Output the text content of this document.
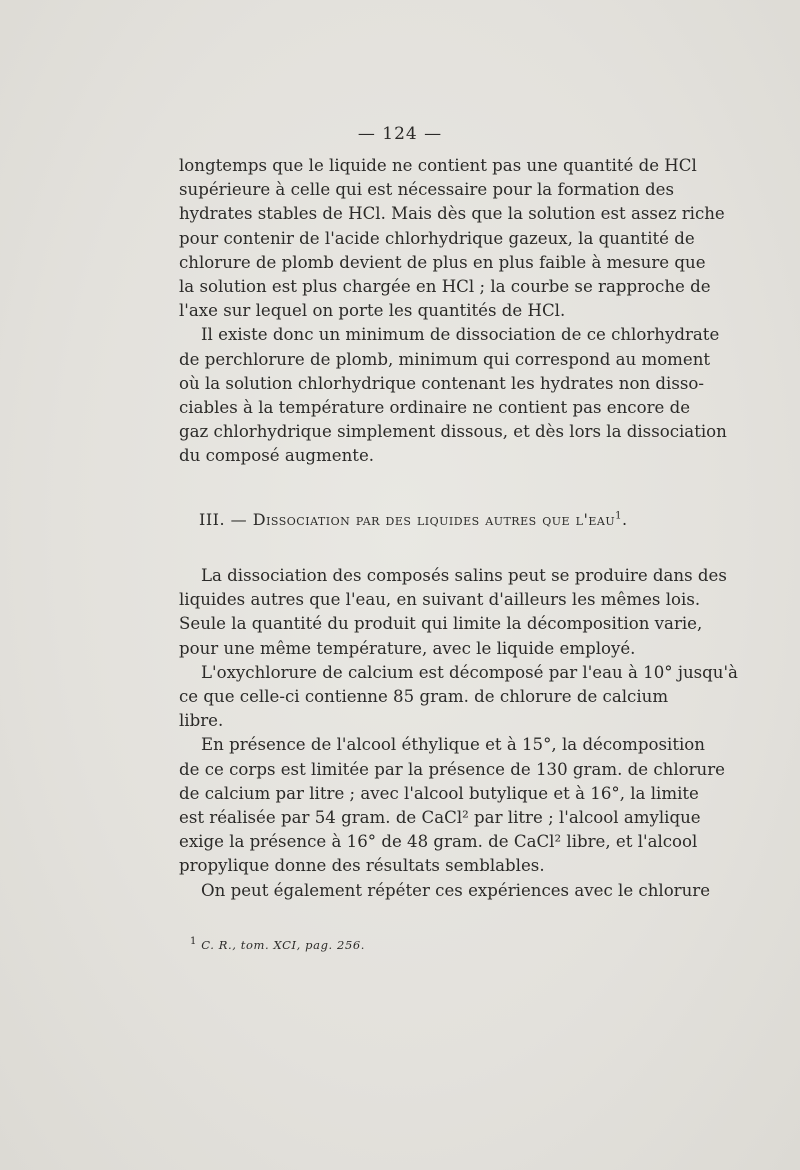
— 124 —
longtemps que le liquide ne contient pas une quantité de HCl
supérieure à celle qui est nécessaire pour la formation des
hydrates stables de HCl. Mais dès que la solution est assez riche
pour contenir de l'acide chlorhydrique gazeux, la quantité de
chlorure de plomb devient de plus en plus faible à mesure que
la solution est plus chargée en HCl ; la courbe se rapproche de
l'axe sur lequel on porte les quantités de HCl.
Il existe donc un minimum de dissociation de ce chlorhydrate
de perchlorure de plomb, minimum qui correspond au moment
où la solution chlorhydrique contenant les hydrates non disso-
ciables à la température ordinaire ne contient pas encore de
gaz chlorhydrique simplement dissous, et dès lors la dissociation
du composé augmente.
III. — Dissociation par des liquides autres que l'eau$^1$.
La dissociation des composés salins peut se produire dans des
liquides autres que l'eau, en suivant d'ailleurs les mêmes lois.
Seule la quantité du produit qui limite la décomposition varie,
pour une même température, avec le liquide employé.
L'oxychlorure de calcium est décomposé par l'eau à 10° jusqu'à
ce que celle-ci contienne 85 gram. de chlorure de calcium
libre.
En présence de l'alcool éthylique et à 15°, la décomposition
de ce corps est limitée par la présence de 130 gram. de chlorure
de calcium par litre ; avec l'alcool butylique et à 16°, la limite
est réalisée par 54 gram. de CaCl² par litre ; l'alcool amylique
exige la présence à 16° de 48 gram. de CaCl² libre, et l'alcool
propylique donne des résultats semblables.
On peut également répéter ces expériences avec le chlorure
$^1$ C. R., tom. XCI, pag. 256.
